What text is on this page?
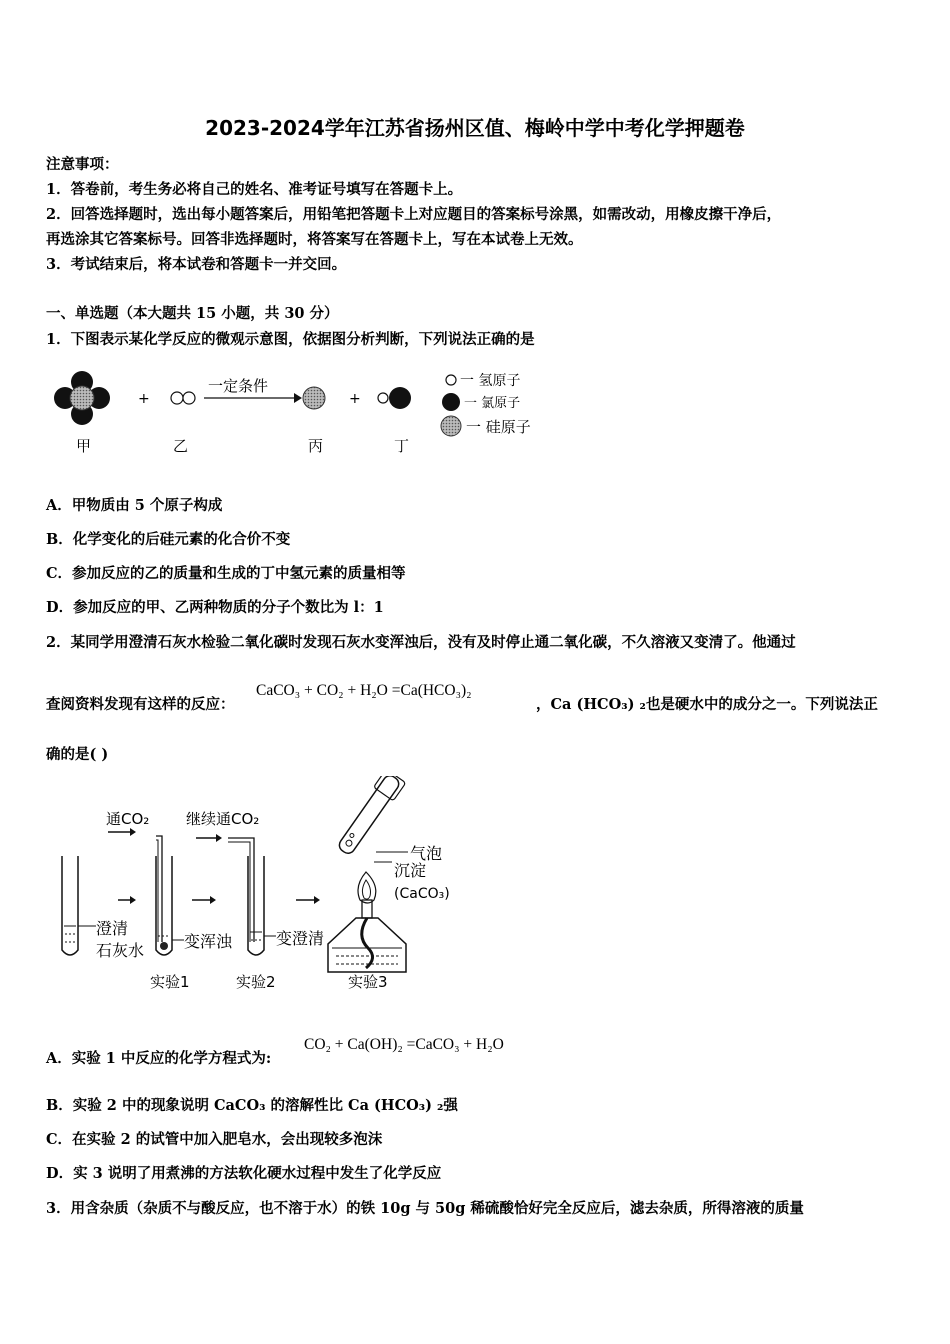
2023-2024学年江苏省扬州区值、梅岭中学中考化学押题卷
注意事项：
1．答卷前，考生务必将自己的姓名、准考证号填写在答题卡上。
2．回答选择题时，选出每小题答案后，用铅笔把答题卡上对应题目的答案标号涂黑，如需改动，用橡皮擦干净后，
再选涂其它答案标号。回答非选择题时，将答案写在答题卡上，写在本试卷上无效。
3．考试结束后，将本试卷和答题卡一并交回。
一、单选题（本大题共 15 小题，共 30 分）
1．下图表示某化学反应的微观示意图，依据图分析判断，下列说法正确的是
+
一定条件
+
甲	乙	丙	丁
一 氢原子
一 氯原子
一 硅原子
A．甲物质由 5 个原子构成
B．化学变化的后硅元素的化合价不变
C．参加反应的乙的质量和生成的丁中氢元素的质量相等
D．参加反应的甲、乙两种物质的分子个数比为 l：1
2．某同学用澄清石灰水检验二氧化碳时发现石灰水变浑浊后，没有及时停止通二氧化碳，不久溶液又变清了。他通过
查阅资料发现有这样的反应：
CaCO₃ + CO₂ + H₂O =Ca(HCO₃)₂
，Ca (HCO₃) ₂也是硬水中的成分之一。下列说法正
确的是( )
澄清
石灰水
通CO₂
变浑浊
实验1
继续通CO₂
变澄清
实验2
气泡
沉淀
(CaCO₃)
实验3
A．实验 1 中反应的化学方程式为:
CO₂ + Ca(OH)₂ =CaCO₃ + H₂O
B．实验 2 中的现象说明 CaCO₃ 的溶解性比 Ca (HCO₃) ₂强
C．在实验 2 的试管中加入肥皂水，会出现较多泡沫
D．实 3 说明了用煮沸的方法软化硬水过程中发生了化学反应
3．用含杂质（杂质不与酸反应，也不溶于水）的铁 10g 与 50g 稀硫酸恰好完全反应后，滤去杂质，所得溶液的质量
